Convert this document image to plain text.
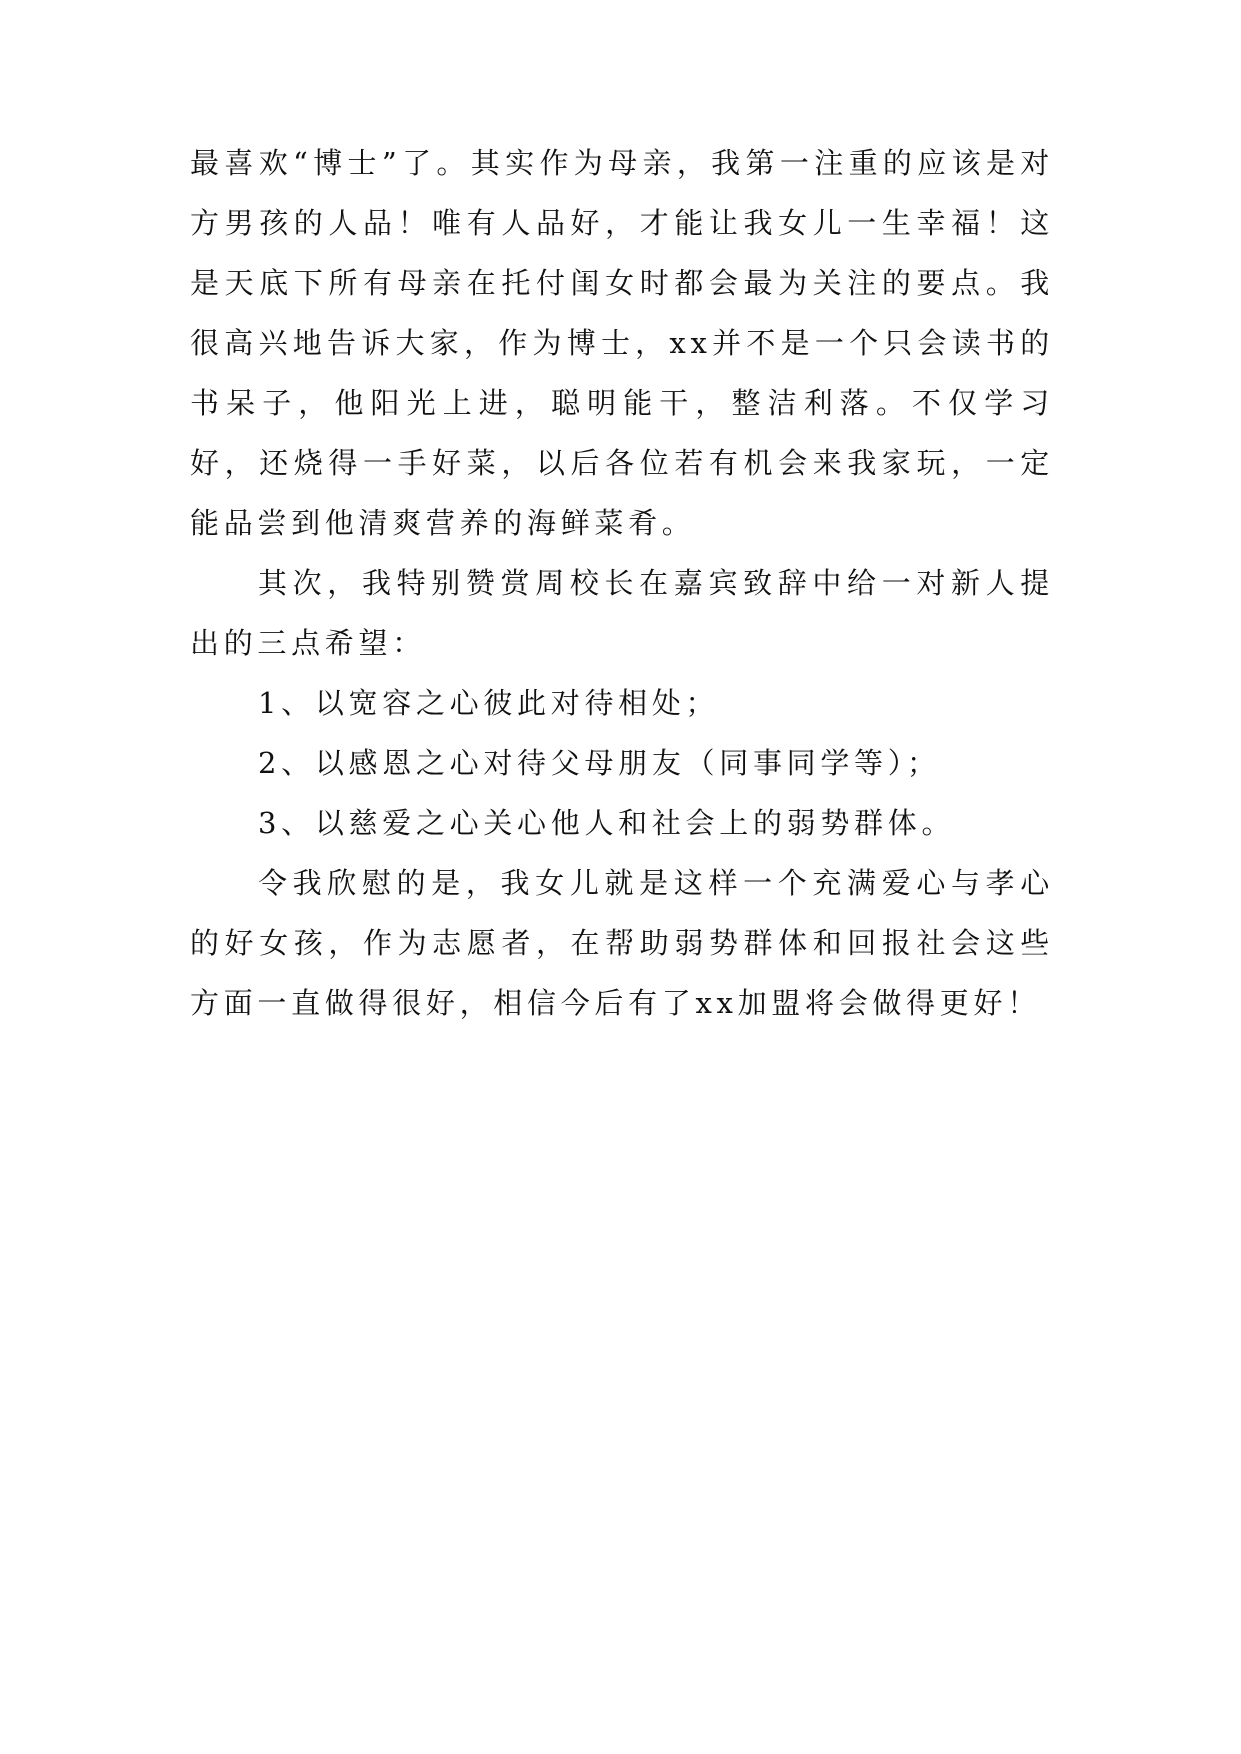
最喜欢“博士”了。其实作为母亲，我第一注重的应该是对方男孩的人品！唯有人品好，才能让我女儿一生幸福！这是天底下所有母亲在托付闺女时都会最为关注的要点。我很高兴地告诉大家，作为博士，xx并不是一个只会读书的书呆子，他阳光上进，聪明能干，整洁利落。不仅学习好，还烧得一手好菜，以后各位若有机会来我家玩，一定能品尝到他清爽营养的海鲜菜肴。

其次，我特别赞赏周校长在嘉宾致辞中给一对新人提出的三点希望：

1、以宽容之心彼此对待相处；

2、以感恩之心对待父母朋友（同事同学等）；

3、以慈爱之心关心他人和社会上的弱势群体。

令我欣慰的是，我女儿就是这样一个充满爱心与孝心的好女孩，作为志愿者，在帮助弱势群体和回报社会这些方面一直做得很好，相信今后有了xx加盟将会做得更好！
